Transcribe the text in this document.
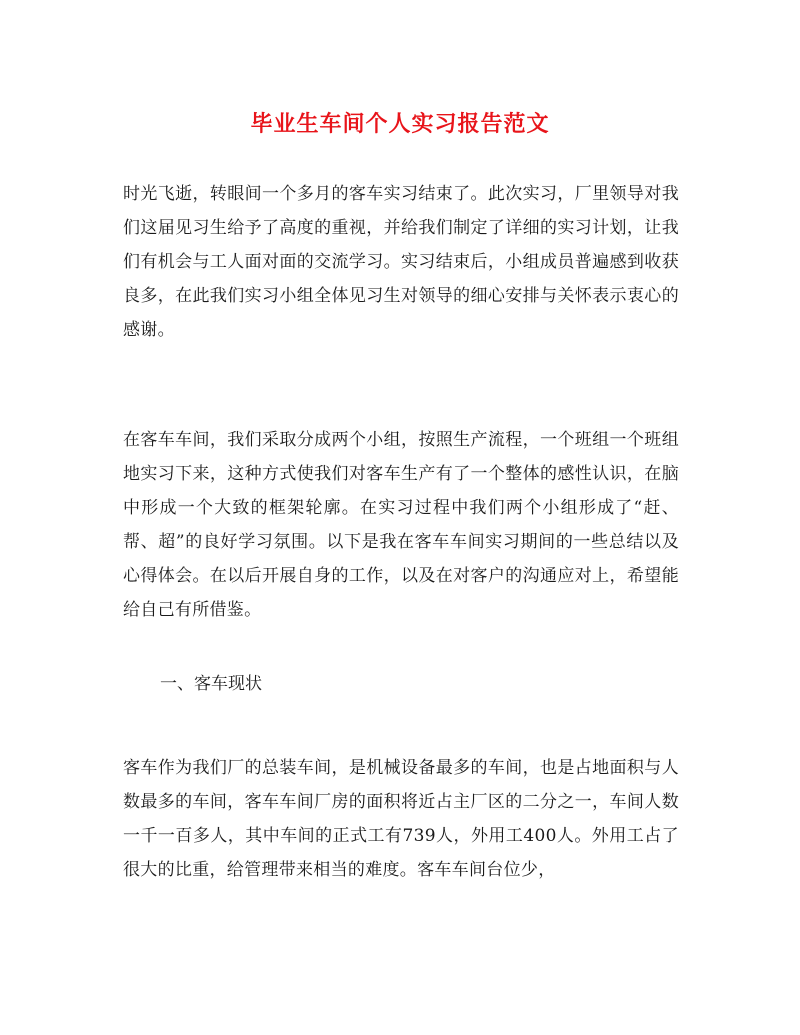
毕业生车间个人实习报告范文

时光飞逝，转眼间一个多月的客车实习结束了。此次实习，厂里领导对我们这届见习生给予了高度的重视，并给我们制定了详细的实习计划，让我们有机会与工人面对面的交流学习。实习结束后，小组成员普遍感到收获良多，在此我们实习小组全体见习生对领导的细心安排与关怀表示衷心的感谢。

在客车车间，我们采取分成两个小组，按照生产流程，一个班组一个班组地实习下来，这种方式使我们对客车生产有了一个整体的感性认识，在脑中形成一个大致的框架轮廓。在实习过程中我们两个小组形成了“赶、帮、超”的良好学习氛围。以下是我在客车车间实习期间的一些总结以及心得体会。在以后开展自身的工作，以及在对客户的沟通应对上，希望能给自己有所借鉴。

一、客车现状

客车作为我们厂的总装车间，是机械设备最多的车间，也是占地面积与人数最多的车间，客车车间厂房的面积将近占主厂区的二分之一，车间人数一千一百多人，其中车间的正式工有739人，外用工400人。外用工占了很大的比重，给管理带来相当的难度。客车车间台位少，
